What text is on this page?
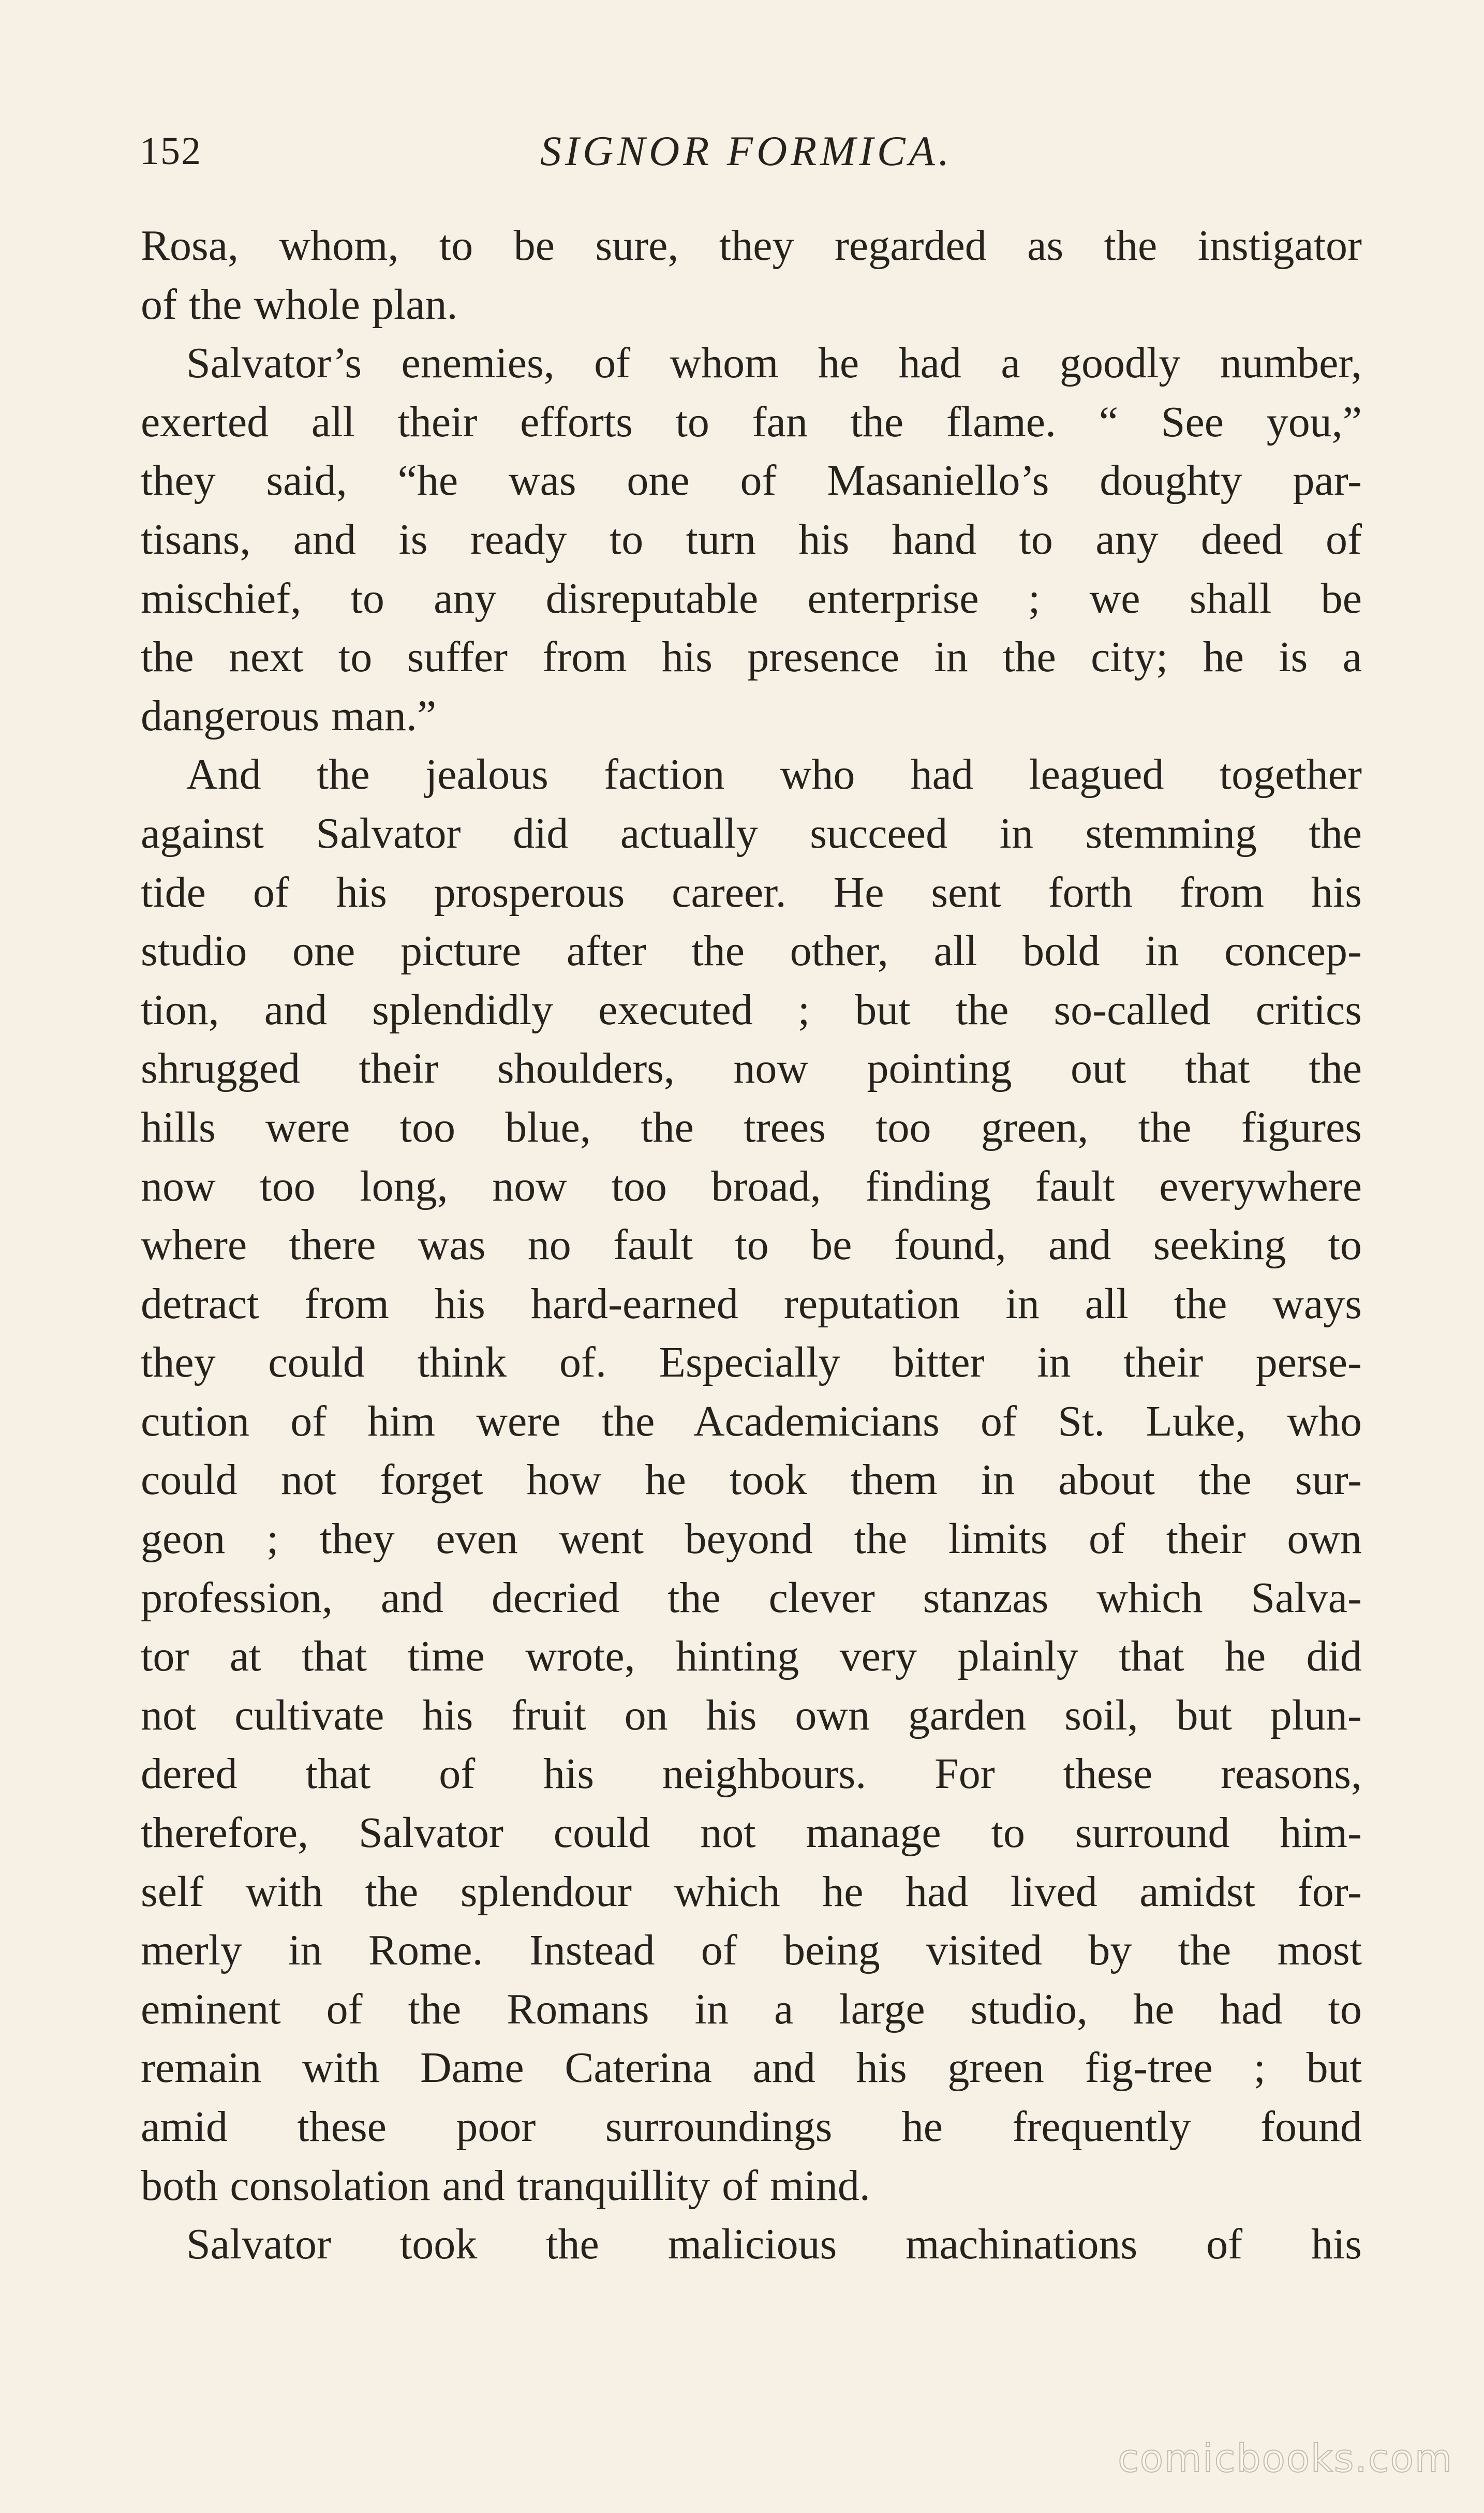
152	SIGNOR FORMICA.
Rosa, whom, to be sure, they regarded as the instigator
of the whole plan.
Salvator’s enemies, of whom he had a goodly number,
exerted all their efforts to fan the flame. “ See you,”
they said, “he was one of Masaniello’s doughty par-
tisans, and is ready to turn his hand to any deed of
mischief, to any disreputable enterprise ; we shall be
the next to suffer from his presence in the city; he is a
dangerous man.”
And the jealous faction who had leagued together
against Salvator did actually succeed in stemming the
tide of his prosperous career. He sent forth from his
studio one picture after the other, all bold in concep-
tion, and splendidly executed ; but the so-called critics
shrugged their shoulders, now pointing out that the
hills were too blue, the trees too green, the figures
now too long, now too broad, finding fault everywhere
where there was no fault to be found, and seeking to
detract from his hard-earned reputation in all the ways
they could think of. Especially bitter in their perse-
cution of him were the Academicians of St. Luke, who
could not forget how he took them in about the sur-
geon ; they even went beyond the limits of their own
profession, and decried the clever stanzas which Salva-
tor at that time wrote, hinting very plainly that he did
not cultivate his fruit on his own garden soil, but plun-
dered that of his neighbours. For these reasons,
therefore, Salvator could not manage to surround him-
self with the splendour which he had lived amidst for-
merly in Rome. Instead of being visited by the most
eminent of the Romans in a large studio, he had to
remain with Dame Caterina and his green fig-tree ; but
amid these poor surroundings he frequently found
both consolation and tranquillity of mind.
Salvator took the malicious machinations of his
comicbooks.com
